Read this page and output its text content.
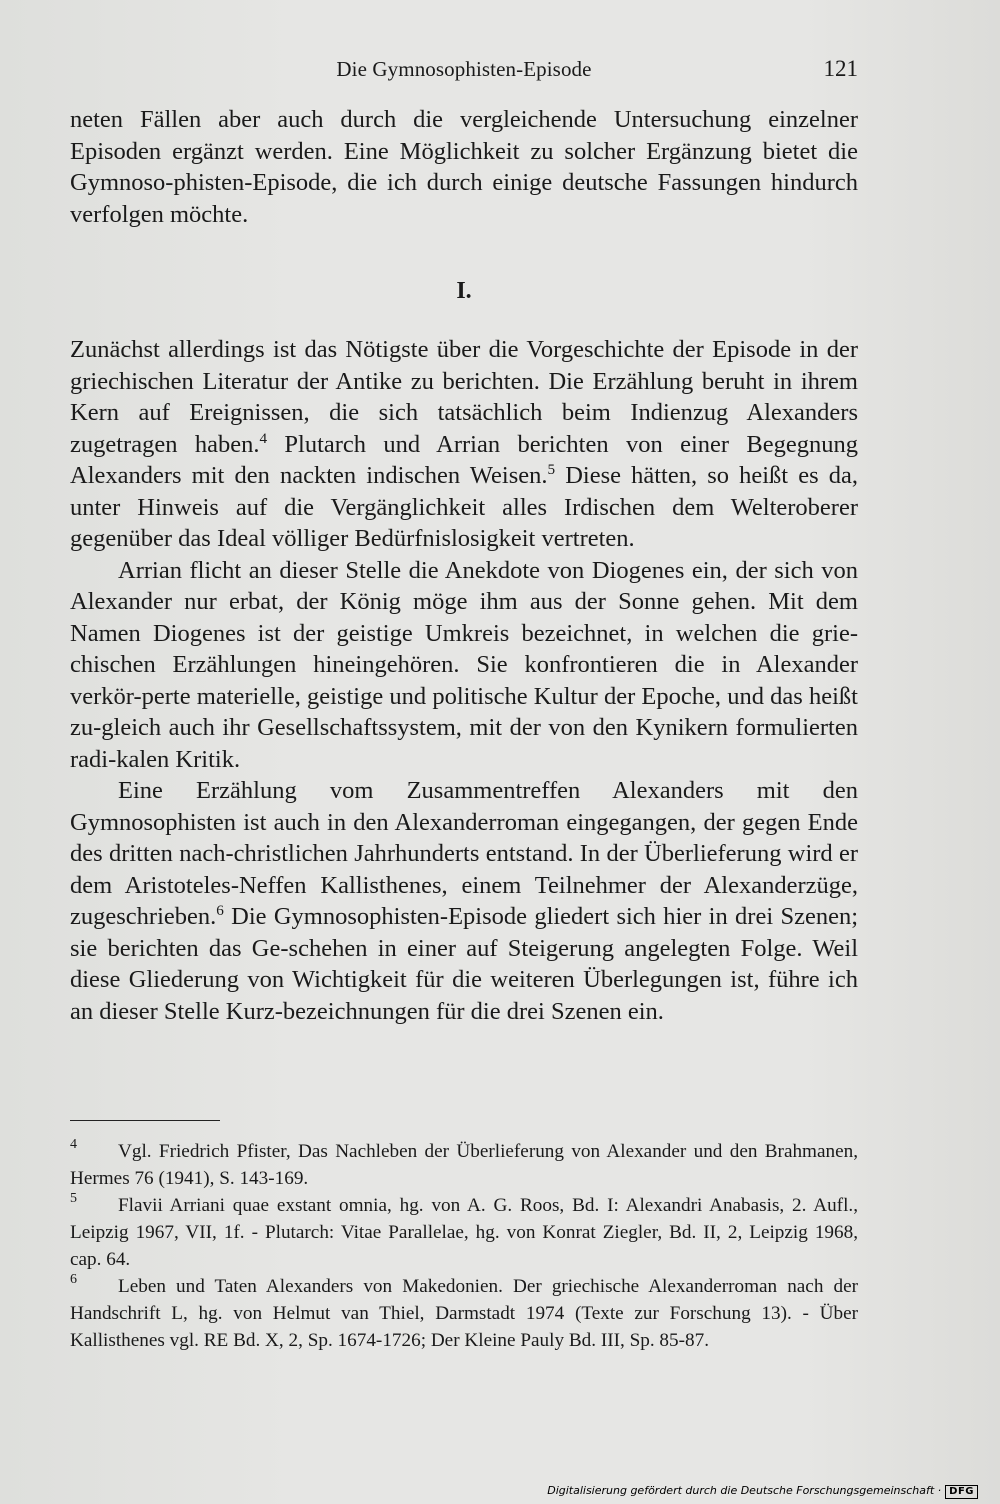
Die Gymnosophisten-Episode	121

neten Fällen aber auch durch die vergleichende Untersuchung einzelner Episoden ergänzt werden. Eine Möglichkeit zu solcher Ergänzung bietet die Gymnoso-phisten-Episode, die ich durch einige deutsche Fassungen hindurch verfolgen möchte.

I.

Zunächst allerdings ist das Nötigste über die Vorgeschichte der Episode in der griechischen Literatur der Antike zu berichten. Die Erzählung beruht in ihrem Kern auf Ereignissen, die sich tatsächlich beim Indienzug Alexanders zugetragen haben.$^4$ Plutarch und Arrian berichten von einer Begegnung Alexanders mit den nackten indischen Weisen.$^5$ Diese hätten, so heißt es da, unter Hinweis auf die Vergänglichkeit alles Irdischen dem Welteroberer gegenüber das Ideal völliger Bedürfnislosigkeit vertreten.

Arrian flicht an dieser Stelle die Anekdote von Diogenes ein, der sich von Alexander nur erbat, der König möge ihm aus der Sonne gehen. Mit dem Namen Diogenes ist der geistige Umkreis bezeichnet, in welchen die grie-chischen Erzählungen hineingehören. Sie konfrontieren die in Alexander verkör-perte materielle, geistige und politische Kultur der Epoche, und das heißt zu-gleich auch ihr Gesellschaftssystem, mit der von den Kynikern formulierten radi-kalen Kritik.

Eine Erzählung vom Zusammentreffen Alexanders mit den Gymnosophisten ist auch in den Alexanderroman eingegangen, der gegen Ende des dritten nach-christlichen Jahrhunderts entstand. In der Überlieferung wird er dem Aristoteles-Neffen Kallisthenes, einem Teilnehmer der Alexanderzüge, zugeschrieben.$^6$ Die Gymnosophisten-Episode gliedert sich hier in drei Szenen; sie berichten das Ge-schehen in einer auf Steigerung angelegten Folge. Weil diese Gliederung von Wichtigkeit für die weiteren Überlegungen ist, führe ich an dieser Stelle Kurz-bezeichnungen für die drei Szenen ein.

4	Vgl. Friedrich Pfister, Das Nachleben der Überlieferung von Alexander und den Brahmanen, Hermes 76 (1941), S. 143-169.
5	Flavii Arriani quae exstant omnia, hg. von A. G. Roos, Bd. I: Alexandri Anabasis, 2. Aufl., Leipzig 1967, VII, 1f. - Plutarch: Vitae Parallelae, hg. von Konrat Ziegler, Bd. II, 2, Leipzig 1968, cap. 64.
6	Leben und Taten Alexanders von Makedonien. Der griechische Alexanderroman nach der Handschrift L, hg. von Helmut van Thiel, Darmstadt 1974 (Texte zur Forschung 13). - Über Kallisthenes vgl. RE Bd. X, 2, Sp. 1674-1726; Der Kleine Pauly Bd. III, Sp. 85-87.
Digitalisierung gefördert durch die Deutsche Forschungsgemeinschaft · DFG
